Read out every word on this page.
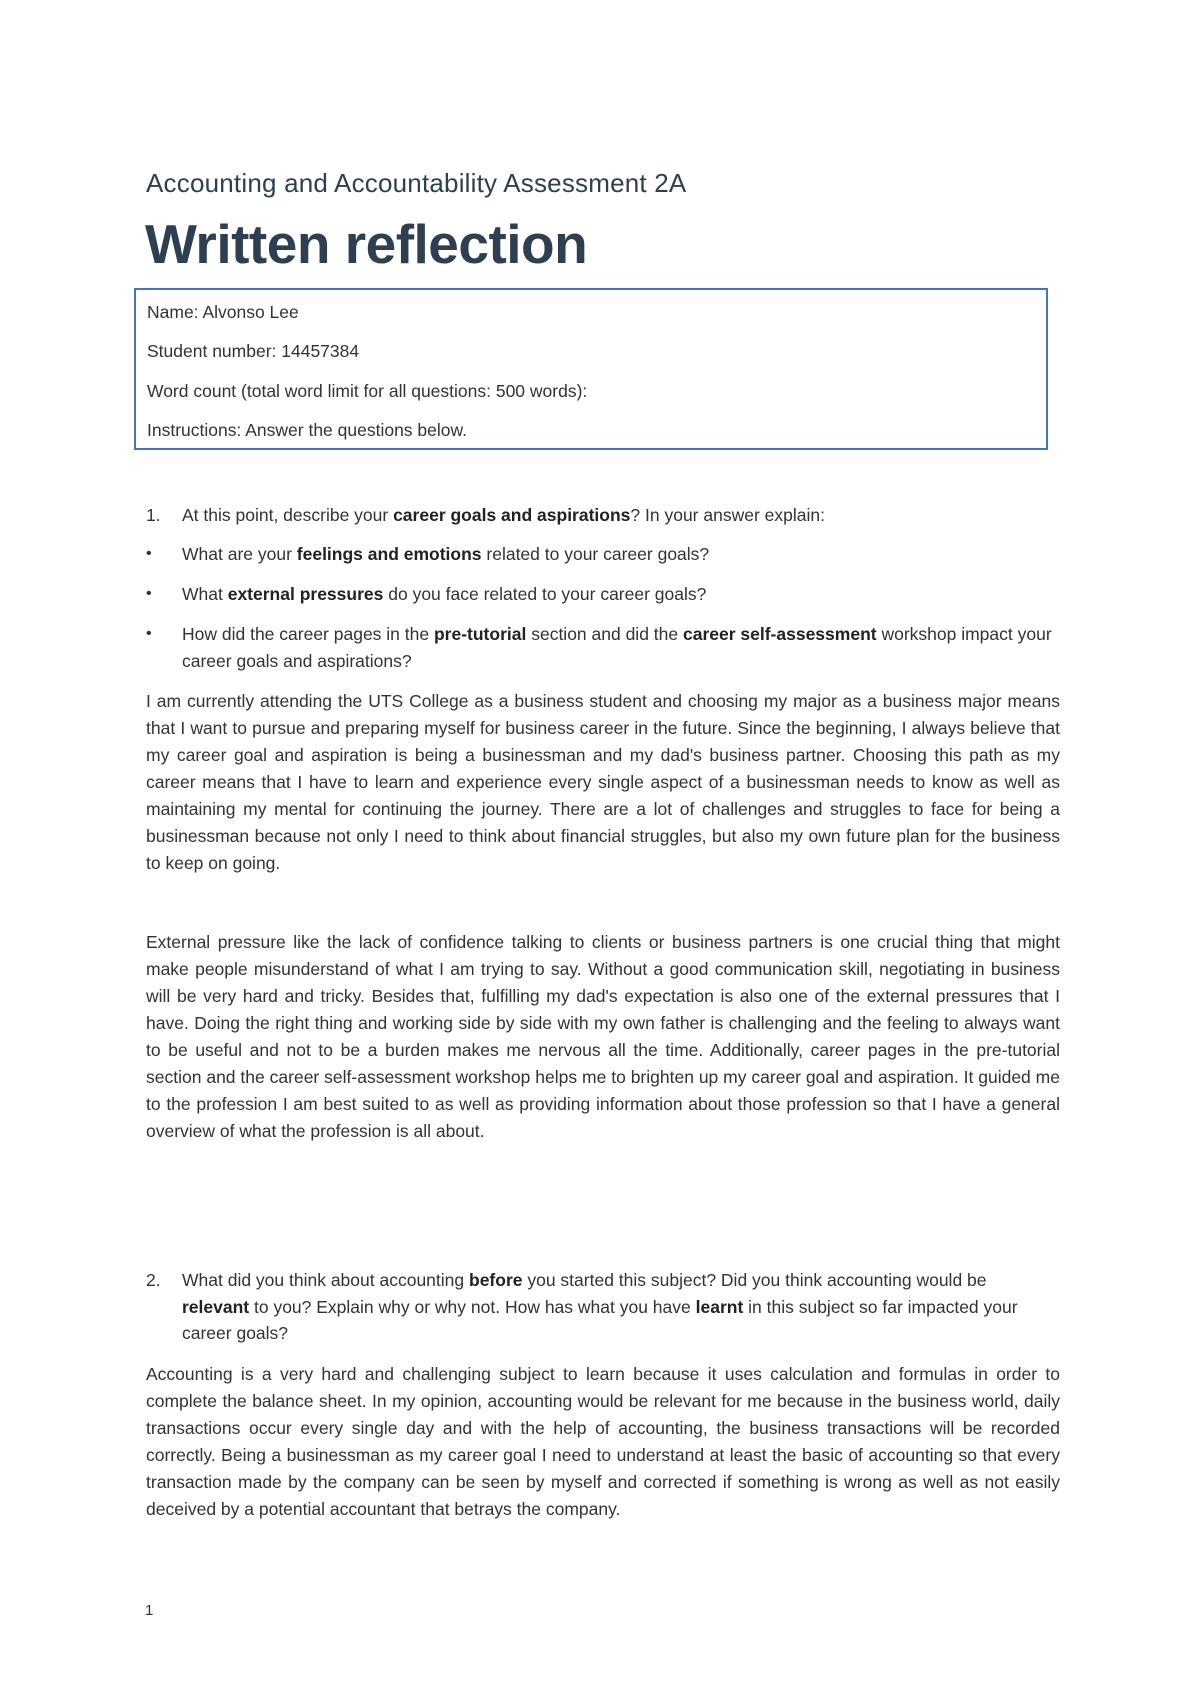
Accounting and Accountability Assessment 2A
Written reflection
Name: Alvonso Lee
Student number: 14457384
Word count (total word limit for all questions: 500 words):
Instructions: Answer the questions below.
1. At this point, describe your career goals and aspirations? In your answer explain:
• What are your feelings and emotions related to your career goals?
• What external pressures do you face related to your career goals?
• How did the career pages in the pre-tutorial section and did the career self-assessment workshop impact your career goals and aspirations?
I am currently attending the UTS College as a business student and choosing my major as a business major means that I want to pursue and preparing myself for business career in the future. Since the beginning, I always believe that my career goal and aspiration is being a businessman and my dad's business partner. Choosing this path as my career means that I have to learn and experience every single aspect of a businessman needs to know as well as maintaining my mental for continuing the journey. There are a lot of challenges and struggles to face for being a businessman because not only I need to think about financial struggles, but also my own future plan for the business to keep on going.
External pressure like the lack of confidence talking to clients or business partners is one crucial thing that might make people misunderstand of what I am trying to say. Without a good communication skill, negotiating in business will be very hard and tricky. Besides that, fulfilling my dad's expectation is also one of the external pressures that I have. Doing the right thing and working side by side with my own father is challenging and the feeling to always want to be useful and not to be a burden makes me nervous all the time. Additionally, career pages in the pre-tutorial section and the career self-assessment workshop helps me to brighten up my career goal and aspiration. It guided me to the profession I am best suited to as well as providing information about those profession so that I have a general overview of what the profession is all about.
2. What did you think about accounting before you started this subject? Did you think accounting would be relevant to you? Explain why or why not. How has what you have learnt in this subject so far impacted your career goals?
Accounting is a very hard and challenging subject to learn because it uses calculation and formulas in order to complete the balance sheet. In my opinion, accounting would be relevant for me because in the business world, daily transactions occur every single day and with the help of accounting, the business transactions will be recorded correctly. Being a businessman as my career goal I need to understand at least the basic of accounting so that every transaction made by the company can be seen by myself and corrected if something is wrong as well as not easily deceived by a potential accountant that betrays the company.
1
